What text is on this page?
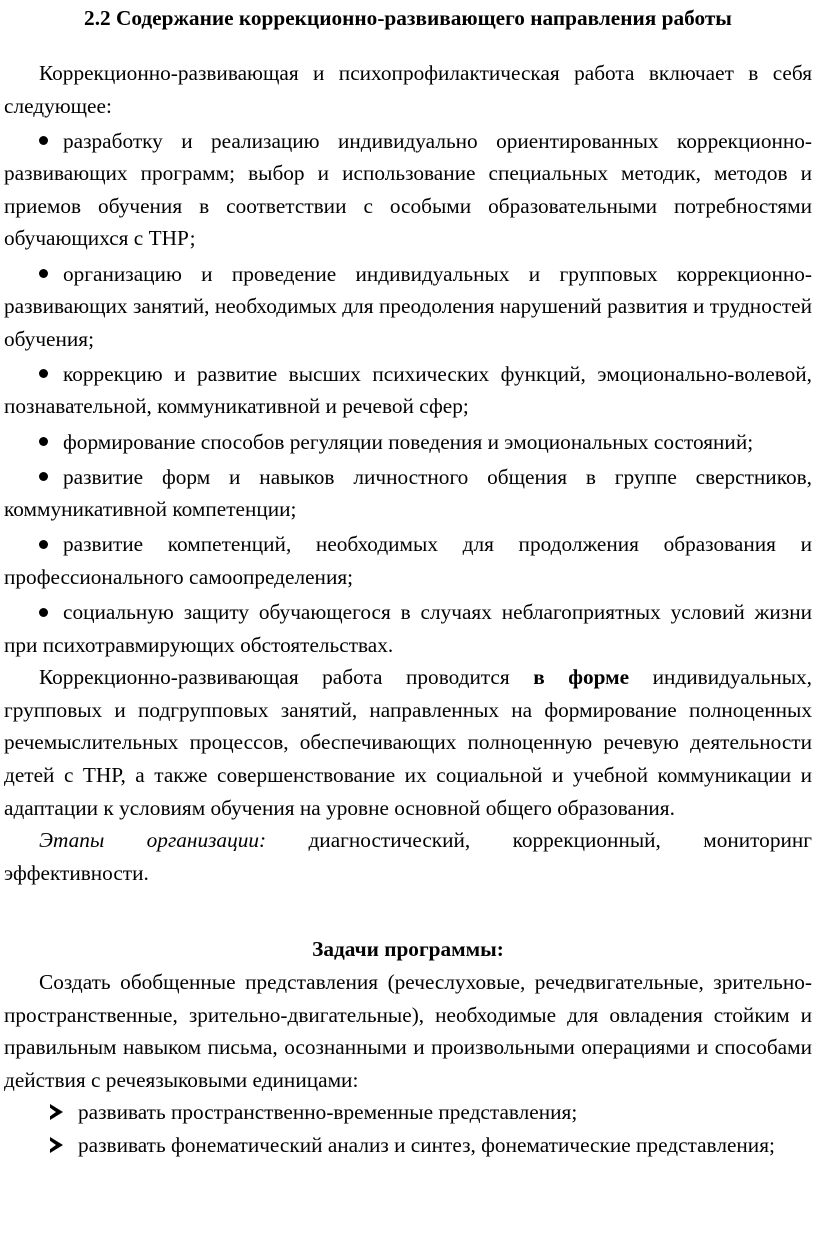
2.2 Содержание коррекционно-развивающего направления работы

Коррекционно-развивающая и психопрофилактическая работа включает в себя следующее:

разработку и реализацию индивидуально ориентированных коррекционно-развивающих программ; выбор и использование специальных методик, методов и приемов обучения в соответствии с особыми образовательными потребностями обучающихся с ТНР;

организацию и проведение индивидуальных и групповых коррекционно-развивающих занятий, необходимых для преодоления нарушений развития и трудностей обучения;

коррекцию и развитие высших психических функций, эмоционально-волевой, познавательной, коммуникативной и речевой сфер;

формирование способов регуляции поведения и эмоциональных состояний;

развитие форм и навыков личностного общения в группе сверстников, коммуникативной компетенции;

развитие компетенций, необходимых для продолжения образования и профессионального самоопределения;

социальную защиту обучающегося в случаях неблагоприятных условий жизни при психотравмирующих обстоятельствах.

Коррекционно-развивающая работа проводится в форме индивидуальных, групповых и подгрупповых занятий, направленных на формирование полноценных речемыслительных процессов, обеспечивающих полноценную речевую деятельности детей с ТНР, а также совершенствование их социальной и учебной коммуникации и адаптации к условиям обучения на уровне основной общего образования.

Этапы организации: диагностический, коррекционный, мониторинг эффективности.

Задачи программы:

Создать обобщенные представления (речеслуховые, речедвигательные, зрительно-пространственные, зрительно-двигательные), необходимые для овладения стойким и правильным навыком письма, осознанными и произвольными операциями и способами действия с речеязыковыми единицами:

развивать пространственно-временные представления;
развивать фонематический анализ и синтез, фонематические представления;
